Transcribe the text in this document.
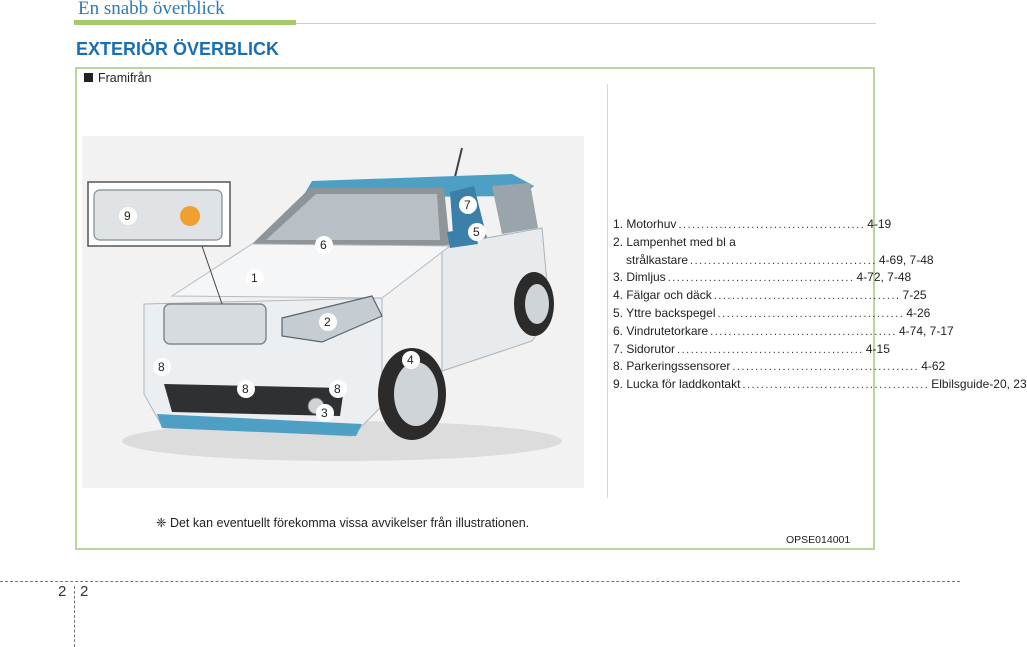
En snabb överblick
EXTERIÖR ÖVERBLICK
Framifrån
9
6
7
5
1
2
4
8
8	8
3
1. Motorhuv ......................................... 4-19
2. Lampenhet med bl a
strålkastare ......................................... 4-69, 7-48
3. Dimljus ......................................... 4-72, 7-48
4. Fälgar och däck ......................................... 7-25
5. Yttre backspegel ......................................... 4-26
6. Vindrutetorkare ......................................... 4-74, 7-17
7. Sidorutor ......................................... 4-15
8. Parkeringssensorer ......................................... 4-62
9. Lucka för laddkontakt ......................................... Elbilsguide-20, 23
❈ Det kan eventuellt förekomma vissa avvikelser från illustrationen.
OPSE014001
2 2
